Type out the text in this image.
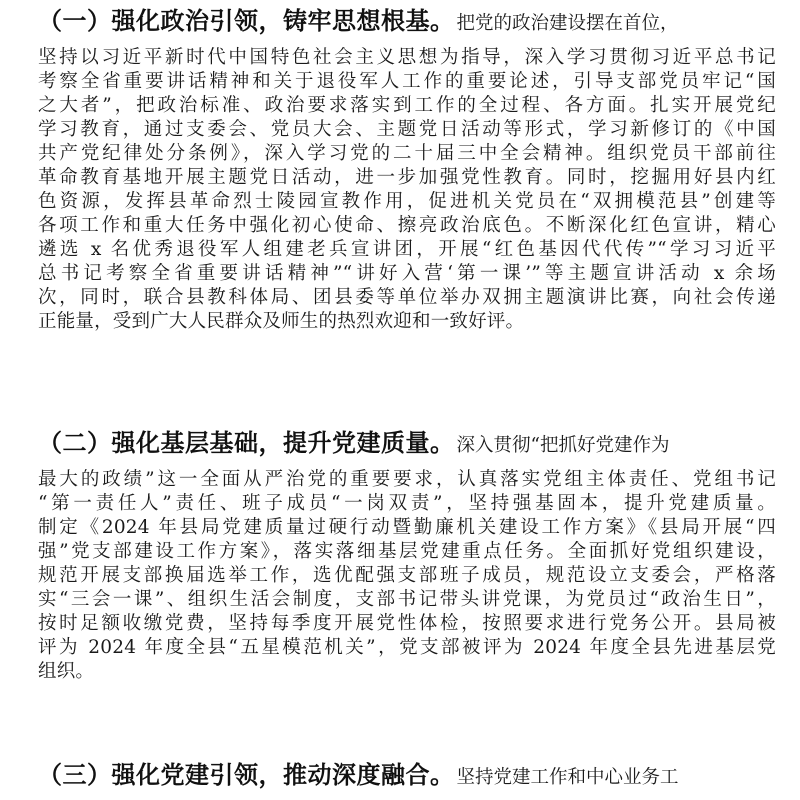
（一）强化政治引领，铸牢思想根基。 把党的政治建设摆在首位，
坚持以习近平新时代中国特色社会主义思想为指导，深入学习贯彻习近平总书记
考察全省重要讲话精神和关于退役军人工作的重要论述，引导支部党员牢记“国
之大者”，把政治标准、政治要求落实到工作的全过程、各方面。扎实开展党纪
学习教育，通过支委会、党员大会、主题党日活动等形式，学习新修订的《中国
共产党纪律处分条例》，深入学习党的二十届三中全会精神。组织党员干部前往
革命教育基地开展主题党日活动，进一步加强党性教育。同时，挖掘用好县内红
色资源，发挥县革命烈士陵园宣教作用，促进机关党员在“双拥模范县”创建等
各项工作和重大任务中强化初心使命、擦亮政治底色。不断深化红色宣讲，精心
遴选 x 名优秀退役军人组建老兵宣讲团，开展“红色基因代代传”“学习习近平
总书记考察全省重要讲话精神”“讲好入营‘第一课’”等主题宣讲活动 x 余场
次，同时，联合县教科体局、团县委等单位举办双拥主题演讲比赛，向社会传递
正能量，受到广大人民群众及师生的热烈欢迎和一致好评。
（二）强化基层基础，提升党建质量。 深入贯彻“把抓好党建作为
最大的政绩”这一全面从严治党的重要要求，认真落实党组主体责任、党组书记
“第一责任人”责任、班子成员“一岗双责”，坚持强基固本，提升党建质量。
制定《2024 年县局党建质量过硬行动暨勤廉机关建设工作方案》《县局开展“四
强”党支部建设工作方案》，落实落细基层党建重点任务。全面抓好党组织建设，
规范开展支部换届选举工作，选优配强支部班子成员，规范设立支委会，严格落
实“三会一课”、组织生活会制度，支部书记带头讲党课，为党员过“政治生日”，
按时足额收缴党费，坚持每季度开展党性体检，按照要求进行党务公开。县局被
评为 2024 年度全县“五星模范机关”，党支部被评为 2024 年度全县先进基层党
组织。
（三）强化党建引领，推动深度融合。 坚持党建工作和中心业务工
